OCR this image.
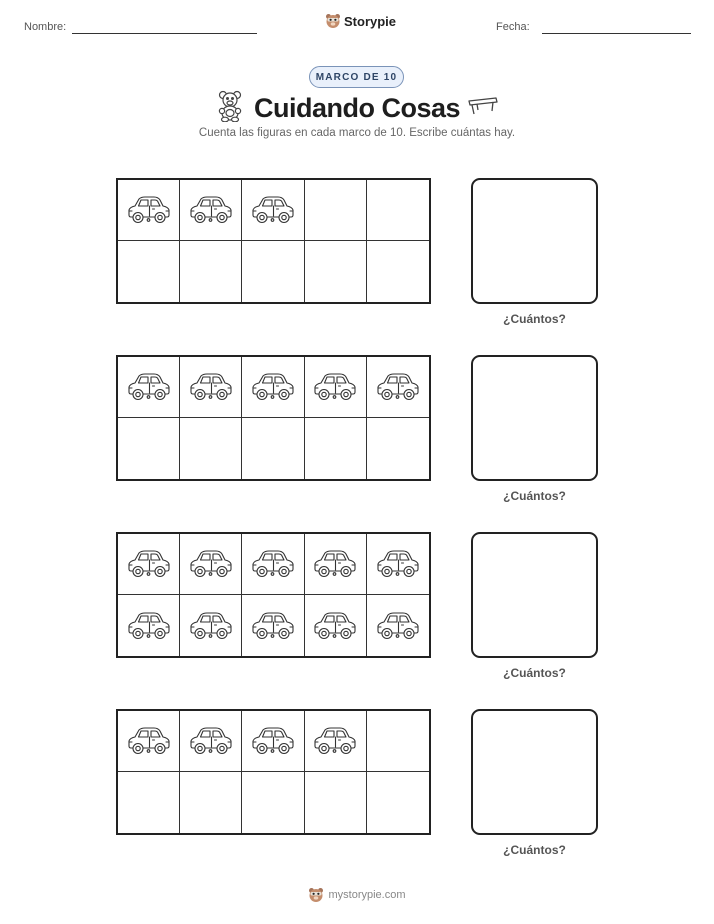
Nombre:	Storypie	Fecha:
MARCO DE 10
Cuidando Cosas
Cuenta las figuras en cada marco de 10. Escribe cuántas hay.
¿Cuántos?
¿Cuántos?
¿Cuántos?
¿Cuántos?
mystorypie.com
